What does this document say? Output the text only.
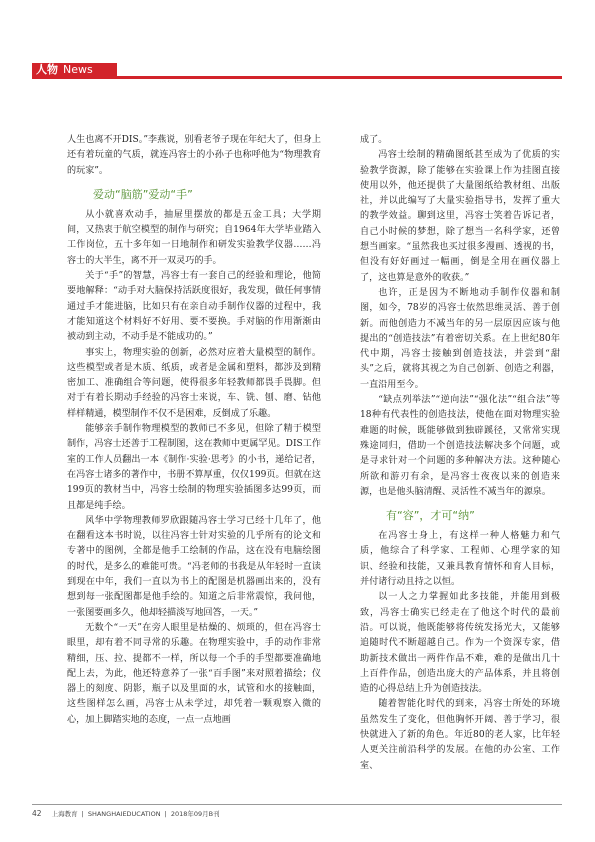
人物 News

人生也离不开DIS。”李燕说，别看老爷子现在年纪大了，但身上还有着玩童的气质，就连冯容士的小孙子也称呼他为“物理教育的玩家”。

爱动“脑筋”爱动“手”

从小就喜欢动手，抽屉里摆放的都是五金工具；大学期间，又热衷于航空模型的制作与研究；自1964年大学毕业踏入工作岗位，五十多年如一日地制作和研发实验教学仪器……冯容士的大半生，离不开一双灵巧的手。

关于“手”的智慧，冯容士有一套自己的经验和理论，他简要地解释：“动手对大脑保持活跃度很好，我发现，做任何事情通过手才能进脑，比如只有在亲自动手制作仪器的过程中，我才能知道这个材料好不好用、要不要换。手对脑的作用渐渐由被动到主动，不动手是不能成功的。”

事实上，物理实验的创新，必然对应着大量模型的制作。这些模型或者是木质、纸质，或者是金属和塑料，都涉及到精密加工、准确组合等问题，使得很多年轻教师都畏手畏脚。但对于有着长期动手经验的冯容士来说，车、铣、刨、磨、钻他样样精通，模型制作不仅不是困难，反倒成了乐趣。

能够亲手制作物理模型的教师已不多见，但除了精于模型制作，冯容士还善于工程制图，这在教师中更属罕见。DIS工作室的工作人员翻出一本《制作·实验·思考》的小书，递给记者，在冯容士诸多的著作中，书册不算厚重，仅仅199页。但就在这199页的教材当中，冯容士绘制的物理实验插图多达99页，而且都是纯手绘。

风华中学物理教师罗欣跟随冯容士学习已经十几年了，他在翻看这本书时说，以往冯容士针对实验的几乎所有的论文和专著中的图例，全都是他手工绘制的作品，这在没有电脑绘图的时代，是多么的难能可贵。“冯老师的书我是从年轻时一直读到现在中年，我们一直以为书上的配图是机器画出来的，没有想到每一张配图都是他手绘的。知道之后非常震惊，我问他，一张图要画多久，他却轻描淡写地回答，一天。”

无数个“一天”在旁人眼里是枯燥的、烦琐的，但在冯容士眼里，却有着不同寻常的乐趣。在物理实验中，手的动作非常精细，压、拉、提都不一样，所以每一个手的手型都要准确地配上去，为此，他还特意养了一张“百手图”来对照着描绘；仪器上的刻度、阴影，瓶子以及里面的水，试管和水的接触面，这些图样怎么画，冯容士从未学过，却凭着一颗观察入微的心，加上脚踏实地的态度，一点一点地画

成了。

冯容士绘制的精确图纸甚至成为了优质的实验教学资源，除了能够在实验课上作为挂图直接使用以外，他还提供了大量图纸给教材组、出版社，并以此编写了大量实验指导书，发挥了重大的教学效益。聊到这里，冯容士笑着告诉记者，自己小时候的梦想，除了想当一名科学家，还曾想当画家。“虽然我也买过很多漫画、透视的书，但没有好好画过一幅画，倒是全用在画仪器上了，这也算是意外的收获。”

也许，正是因为不断地动手制作仪器和制图，如今，78岁的冯容士依然思维灵活、善于创新。而他创造力不减当年的另一层原因应该与他提出的“创造技法”有着密切关系。在上世纪80年代中期，冯容士接触到创造技法，并尝到“甜头”之后，就将其视之为自己创新、创造之利器，一直沿用至今。

“缺点列举法”“逆向法”“强化法”“组合法”等18种有代表性的创造技法，使他在面对物理实验难题的时候，既能够做到独辟蹊径，又常常实现殊途同归，借助一个创造技法解决多个问题，或是寻求针对一个问题的多种解决方法。这种随心所欲和游刃有余，是冯容士夜夜以来的创造来源，也是他头脑清醒、灵活性不减当年的源泉。

有“容”，才可“纳”

在冯容士身上，有这样一种人格魅力和气质，他综合了科学家、工程师、心理学家的知识、经验和技能，又兼具教育情怀和育人目标，并付诸行动且持之以恒。

以一人之力掌握如此多技能，并能用到极致，冯容士确实已经走在了他这个时代的最前沿。可以说，他既能够将传统发扬光大，又能够追随时代不断超越自己。作为一个资深专家，借助新技术做出一两件作品不难，难的是做出几十上百件作品，创造出庞大的产品体系，并且将创造的心得总结上升为创造技法。

随着智能化时代的到来，冯容士所处的环境虽然发生了变化，但他胸怀开阔、善于学习，很快就进入了新的角色。年近80的老人家，比年轻人更关注前沿科学的发展。在他的办公室、工作室、

42 上海教育 | SHANGHAIEDUCATION | 2018年09月B刊
